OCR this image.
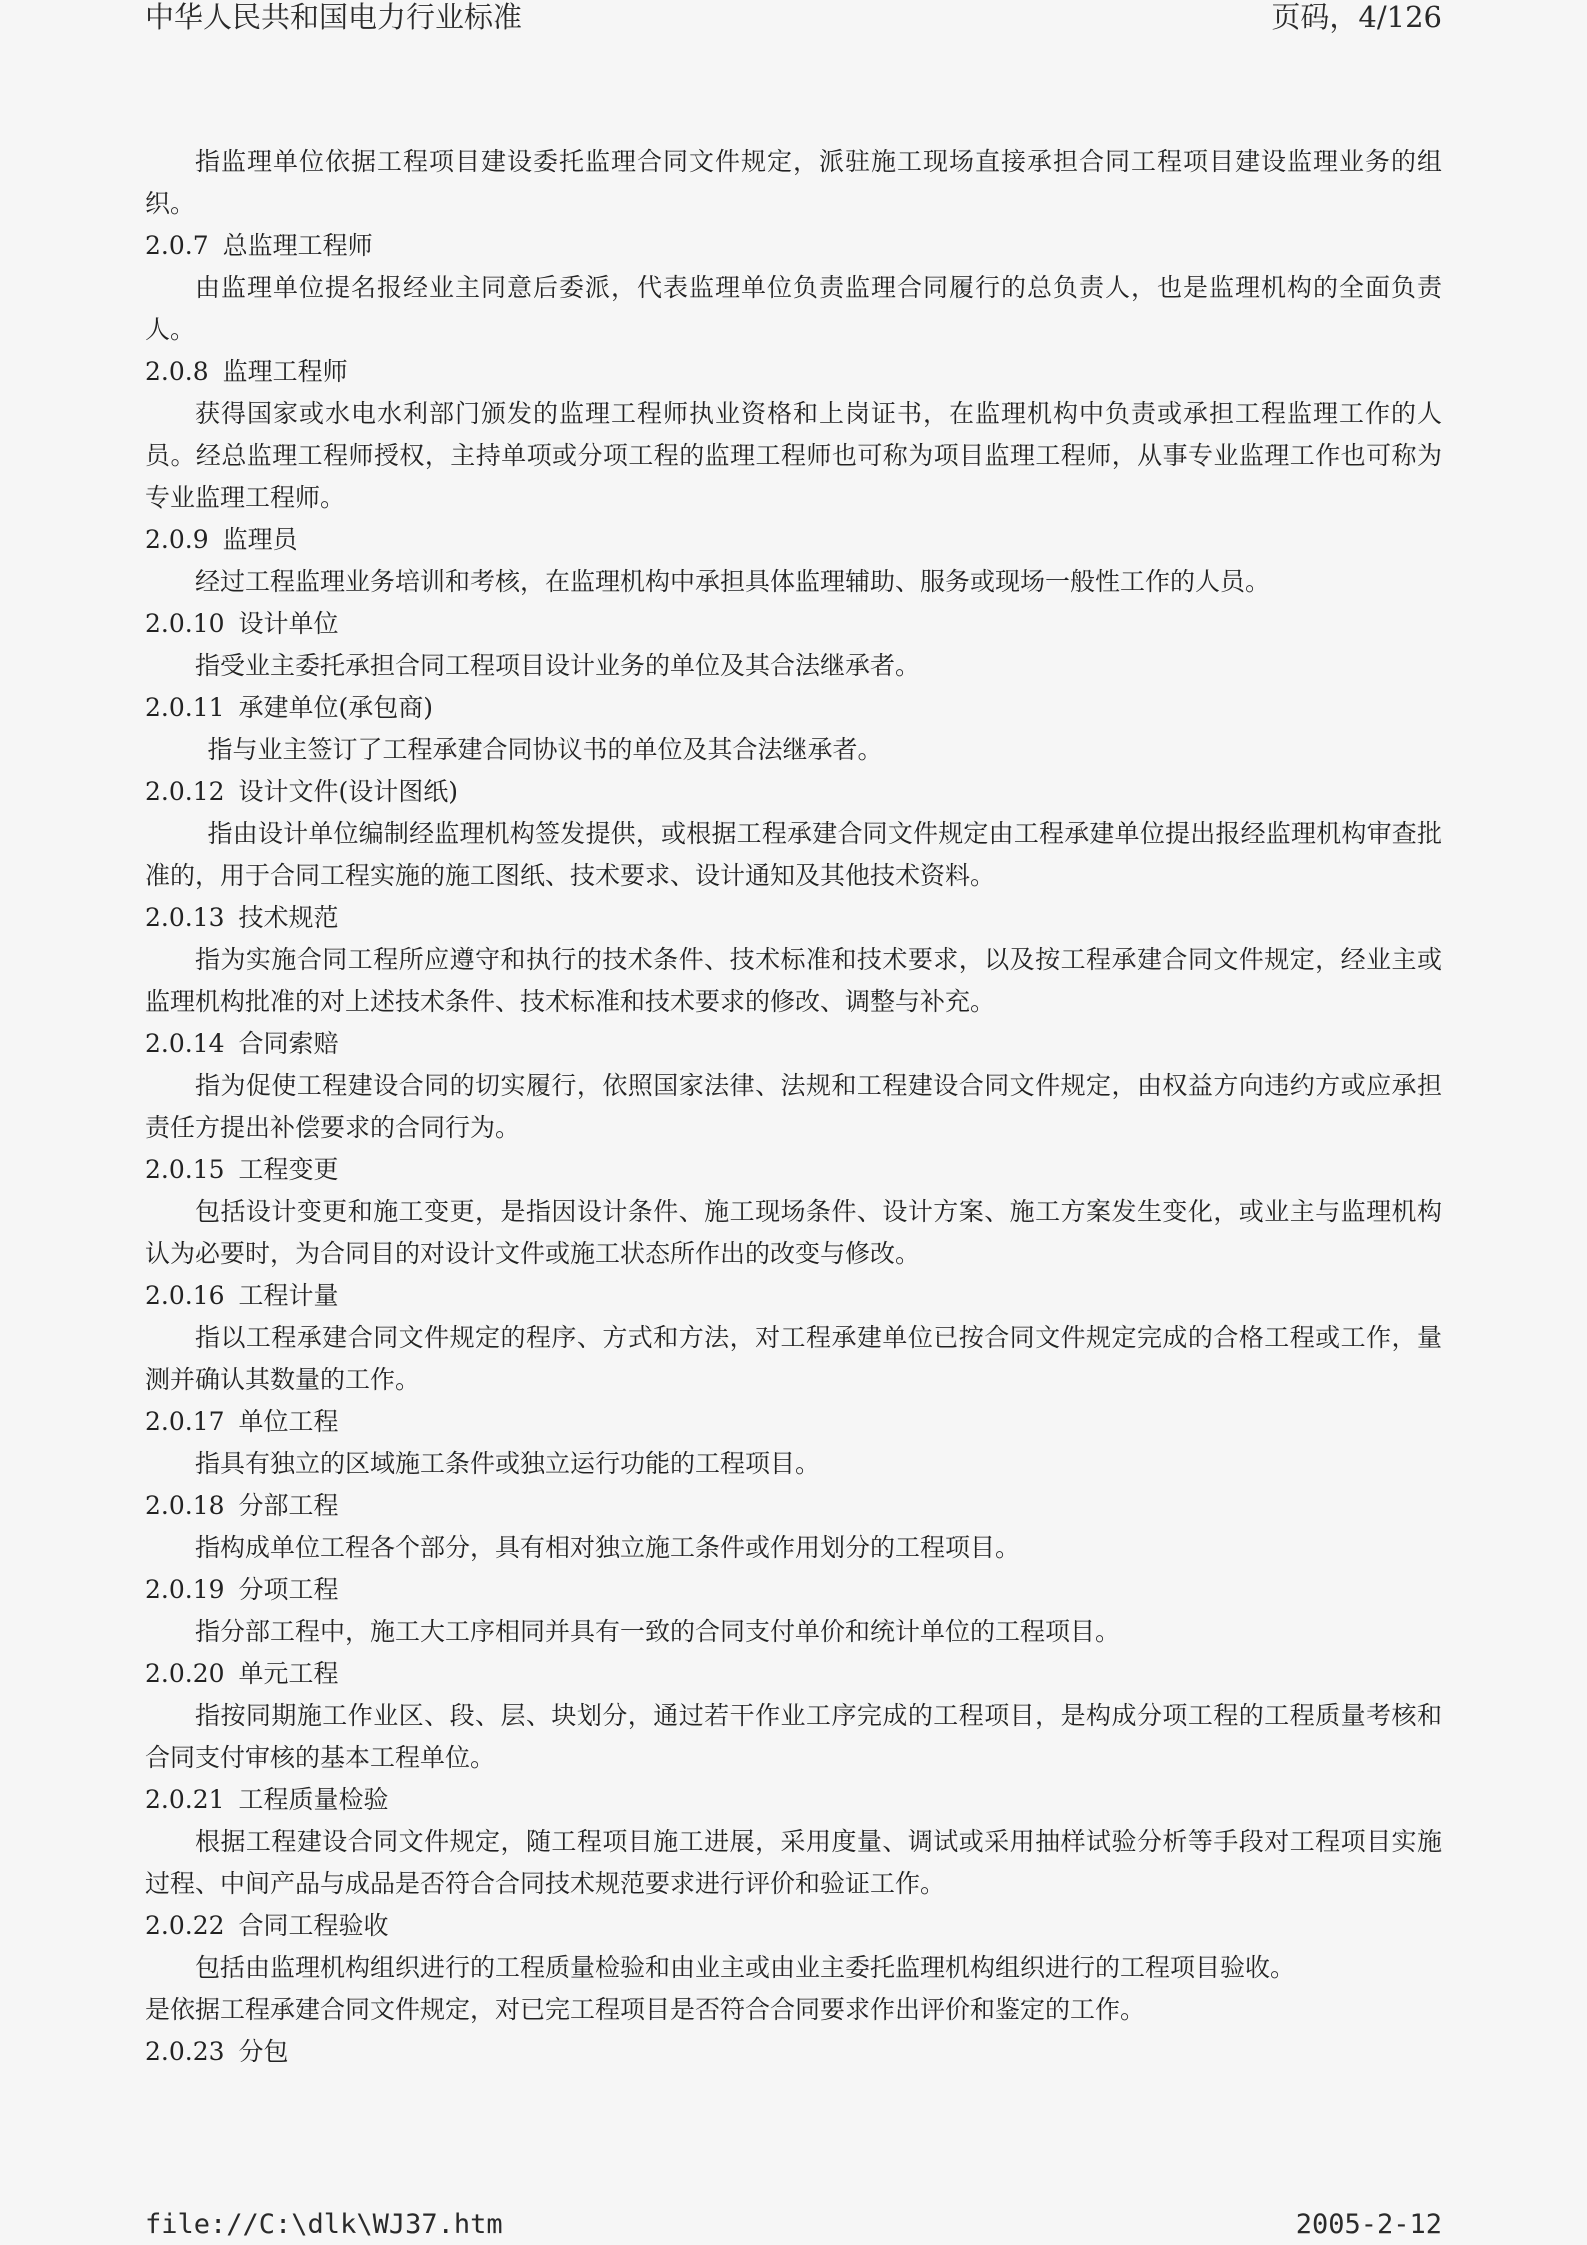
中华人民共和国电力行业标准	页码，4/126

指监理单位依据工程项目建设委托监理合同文件规定，派驻施工现场直接承担合同工程项目建设监理业务的组织。

2.0.7 总监理工程师

由监理单位提名报经业主同意后委派，代表监理单位负责监理合同履行的总负责人，也是监理机构的全面负责人。

2.0.8 监理工程师

获得国家或水电水利部门颁发的监理工程师执业资格和上岗证书，在监理机构中负责或承担工程监理工作的人员。经总监理工程师授权，主持单项或分项工程的监理工程师也可称为项目监理工程师，从事专业监理工作也可称为专业监理工程师。

2.0.9 监理员

经过工程监理业务培训和考核，在监理机构中承担具体监理辅助、服务或现场一般性工作的人员。

2.0.10 设计单位

指受业主委托承担合同工程项目设计业务的单位及其合法继承者。

2.0.11 承建单位(承包商)

指与业主签订了工程承建合同协议书的单位及其合法继承者。

2.0.12 设计文件(设计图纸)

指由设计单位编制经监理机构签发提供，或根据工程承建合同文件规定由工程承建单位提出报经监理机构审查批准的，用于合同工程实施的施工图纸、技术要求、设计通知及其他技术资料。

2.0.13 技术规范

指为实施合同工程所应遵守和执行的技术条件、技术标准和技术要求，以及按工程承建合同文件规定，经业主或监理机构批准的对上述技术条件、技术标准和技术要求的修改、调整与补充。

2.0.14 合同索赔

指为促使工程建设合同的切实履行，依照国家法律、法规和工程建设合同文件规定，由权益方向违约方或应承担责任方提出补偿要求的合同行为。

2.0.15 工程变更

包括设计变更和施工变更，是指因设计条件、施工现场条件、设计方案、施工方案发生变化，或业主与监理机构认为必要时，为合同目的对设计文件或施工状态所作出的改变与修改。

2.0.16 工程计量

指以工程承建合同文件规定的程序、方式和方法，对工程承建单位已按合同文件规定完成的合格工程或工作，量测并确认其数量的工作。

2.0.17 单位工程

指具有独立的区域施工条件或独立运行功能的工程项目。

2.0.18 分部工程

指构成单位工程各个部分，具有相对独立施工条件或作用划分的工程项目。

2.0.19 分项工程

指分部工程中，施工大工序相同并具有一致的合同支付单价和统计单位的工程项目。

2.0.20 单元工程

指按同期施工作业区、段、层、块划分，通过若干作业工序完成的工程项目，是构成分项工程的工程质量考核和合同支付审核的基本工程单位。

2.0.21 工程质量检验

根据工程建设合同文件规定，随工程项目施工进展，采用度量、调试或采用抽样试验分析等手段对工程项目实施过程、中间产品与成品是否符合合同技术规范要求进行评价和验证工作。

2.0.22 合同工程验收

包括由监理机构组织进行的工程质量检验和由业主或由业主委托监理机构组织进行的工程项目验收。

是依据工程承建合同文件规定，对已完工程项目是否符合合同要求作出评价和鉴定的工作。

2.0.23 分包

file://C:\dlk\WJ37.htm	2005-2-12
